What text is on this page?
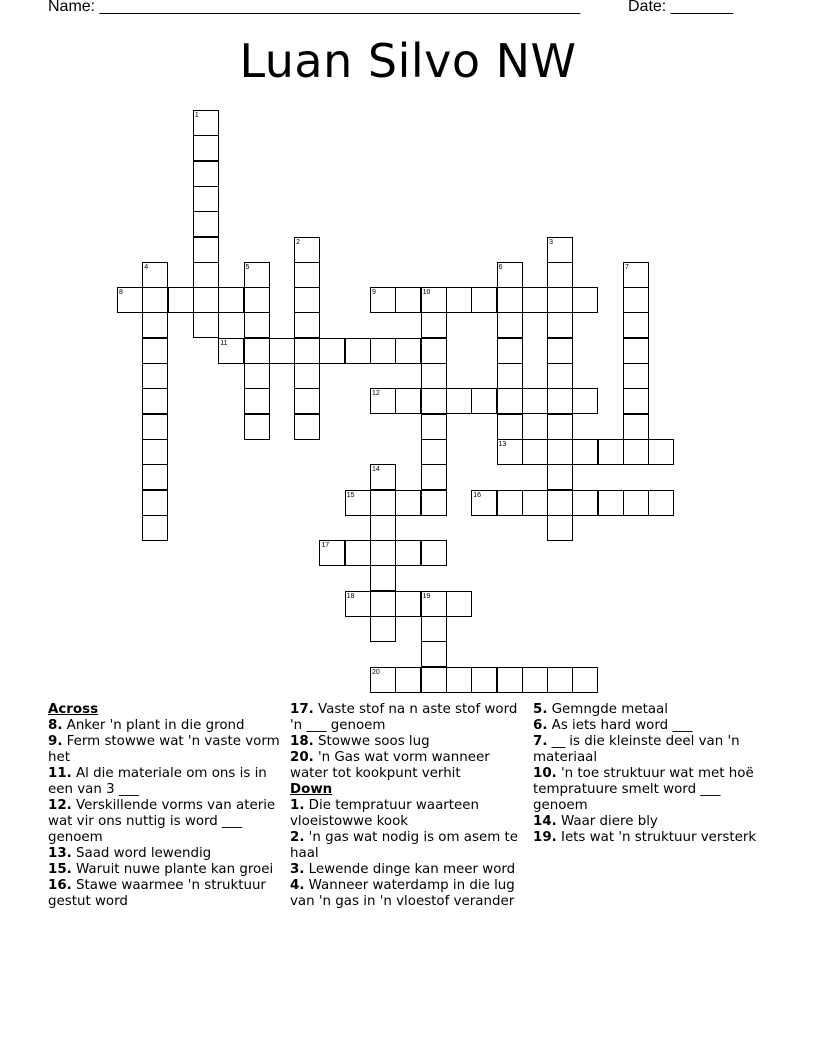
Name: ______________________________________________________	Date: _______
Luan Silvo NW
1
2	3
4	5	6	7
8	9	10
11
12
13
14
15	16
17
18	19
20
Across
8. Anker 'n plant in die grond
9. Ferm stowwe wat 'n vaste vorm het
11. Al die materiale om ons is in een van 3 ___
12. Verskillende vorms van aterie wat vir ons nuttig is word ___ genoem
13. Saad word lewendig
15. Waruit nuwe plante kan groei
16. Stawe waarmee 'n struktuur gestut word
17. Vaste stof na n aste stof word 'n ___ genoem
18. Stowwe soos lug
20. 'n Gas wat vorm wanneer water tot kookpunt verhit
Down
1. Die tempratuur waarteen vloeistowwe kook
2. 'n gas wat nodig is om asem te haal
3. Lewende dinge kan meer word
4. Wanneer waterdamp in die lug van 'n gas in 'n vloestof verander
5. Gemngde metaal
6. As iets hard word ___
7. __ is die kleinste deel van 'n materiaal
10. 'n toe struktuur wat met hoë tempratuure smelt word ___ genoem
14. Waar diere bly
19. Iets wat 'n struktuur versterk
